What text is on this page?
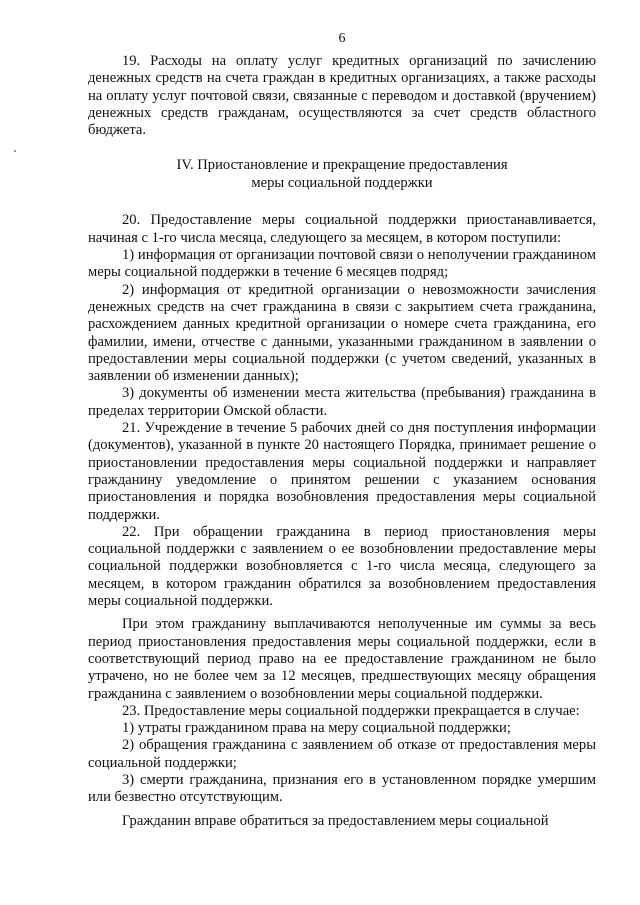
6

19. Расходы на оплату услуг кредитных организаций по зачислению денежных средств на счета граждан в кредитных организациях, а также расходы на оплату услуг почтовой связи, связанные с переводом и доставкой (вручением) денежных средств гражданам, осуществляются за счет средств областного бюджета.

IV. Приостановление и прекращение предоставления
меры социальной поддержки

20. Предоставление меры социальной поддержки приостанавливается, начиная с 1-го числа месяца, следующего за месяцем, в котором поступили:

1) информация от организации почтовой связи о неполучении гражданином меры социальной поддержки в течение 6 месяцев подряд;

2) информация от кредитной организации о невозможности зачисления денежных средств на счет гражданина в связи с закрытием счета гражданина, расхождением данных кредитной организации о номере счета гражданина, его фамилии, имени, отчестве с данными, указанными гражданином в заявлении о предоставлении меры социальной поддержки (с учетом сведений, указанных в заявлении об изменении данных);

3) документы об изменении места жительства (пребывания) гражданина в пределах территории Омской области.

21. Учреждение в течение 5 рабочих дней со дня поступления информации (документов), указанной в пункте 20 настоящего Порядка, принимает решение о приостановлении предоставления меры социальной поддержки и направляет гражданину уведомление о принятом решении с указанием основания приостановления и порядка возобновления предоставления меры социальной поддержки.

22. При обращении гражданина в период приостановления меры социальной поддержки с заявлением о ее возобновлении предоставление меры социальной поддержки возобновляется с 1-го числа месяца, следующего за месяцем, в котором гражданин обратился за возобновлением предоставления меры социальной поддержки.

При этом гражданину выплачиваются неполученные им суммы за весь период приостановления предоставления меры социальной поддержки, если в соответствующий период право на ее предоставление гражданином не было утрачено, но не более чем за 12 месяцев, предшествующих месяцу обращения гражданина с заявлением о возобновлении меры социальной поддержки.

23. Предоставление меры социальной поддержки прекращается в случае:

1) утраты гражданином права на меру социальной поддержки;

2) обращения гражданина с заявлением об отказе от предоставления меры социальной поддержки;

3) смерти гражданина, признания его в установленном порядке умершим или безвестно отсутствующим.

Гражданин вправе обратиться за предоставлением меры социальной
